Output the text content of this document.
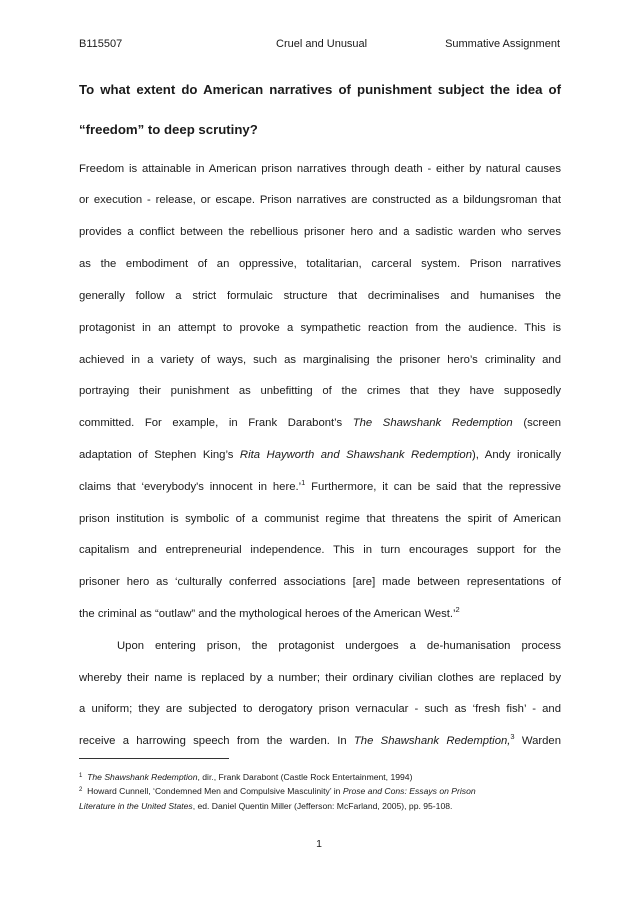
B115507	Cruel and Unusual	Summative Assignment
To what extent do American narratives of punishment subject the idea of
“freedom” to deep scrutiny?
Freedom is attainable in American prison narratives through death - either by natural causes
or execution - release, or escape. Prison narratives are constructed as a bildungsroman that
provides a conflict between the rebellious prisoner hero and a sadistic warden who serves
as the embodiment of an oppressive, totalitarian, carceral system. Prison narratives
generally follow a strict formulaic structure that decriminalises and humanises the
protagonist in an attempt to provoke a sympathetic reaction from the audience. This is
achieved in a variety of ways, such as marginalising the prisoner hero’s criminality and
portraying their punishment as unbefitting of the crimes that they have supposedly
committed. For example, in Frank Darabont’s The Shawshank Redemption (screen
adaptation of Stephen King’s Rita Hayworth and Shawshank Redemption), Andy ironically
claims that ‘everybody's innocent in here.’$^1$ Furthermore, it can be said that the repressive
prison institution is symbolic of a communist regime that threatens the spirit of American
capitalism and entrepreneurial independence. This in turn encourages support for the
prisoner hero as ‘culturally conferred associations [are] made between representations of
the criminal as “outlaw” and the mythological heroes of the American West.’$^2$
Upon entering prison, the protagonist undergoes a de-humanisation process
whereby their name is replaced by a number; their ordinary civilian clothes are replaced by
a uniform; they are subjected to derogatory prison vernacular - such as ‘fresh fish’ - and
receive a harrowing speech from the warden. In The Shawshank Redemption,$^3$ Warden
$^1$ The Shawshank Redemption, dir., Frank Darabont (Castle Rock Entertainment, 1994)
$^2$ Howard Cunnell, ‘Condemned Men and Compulsive Masculinity’ in Prose and Cons: Essays on Prison
Literature in the United States, ed. Daniel Quentin Miller (Jefferson: McFarland, 2005), pp. 95-108.
1
